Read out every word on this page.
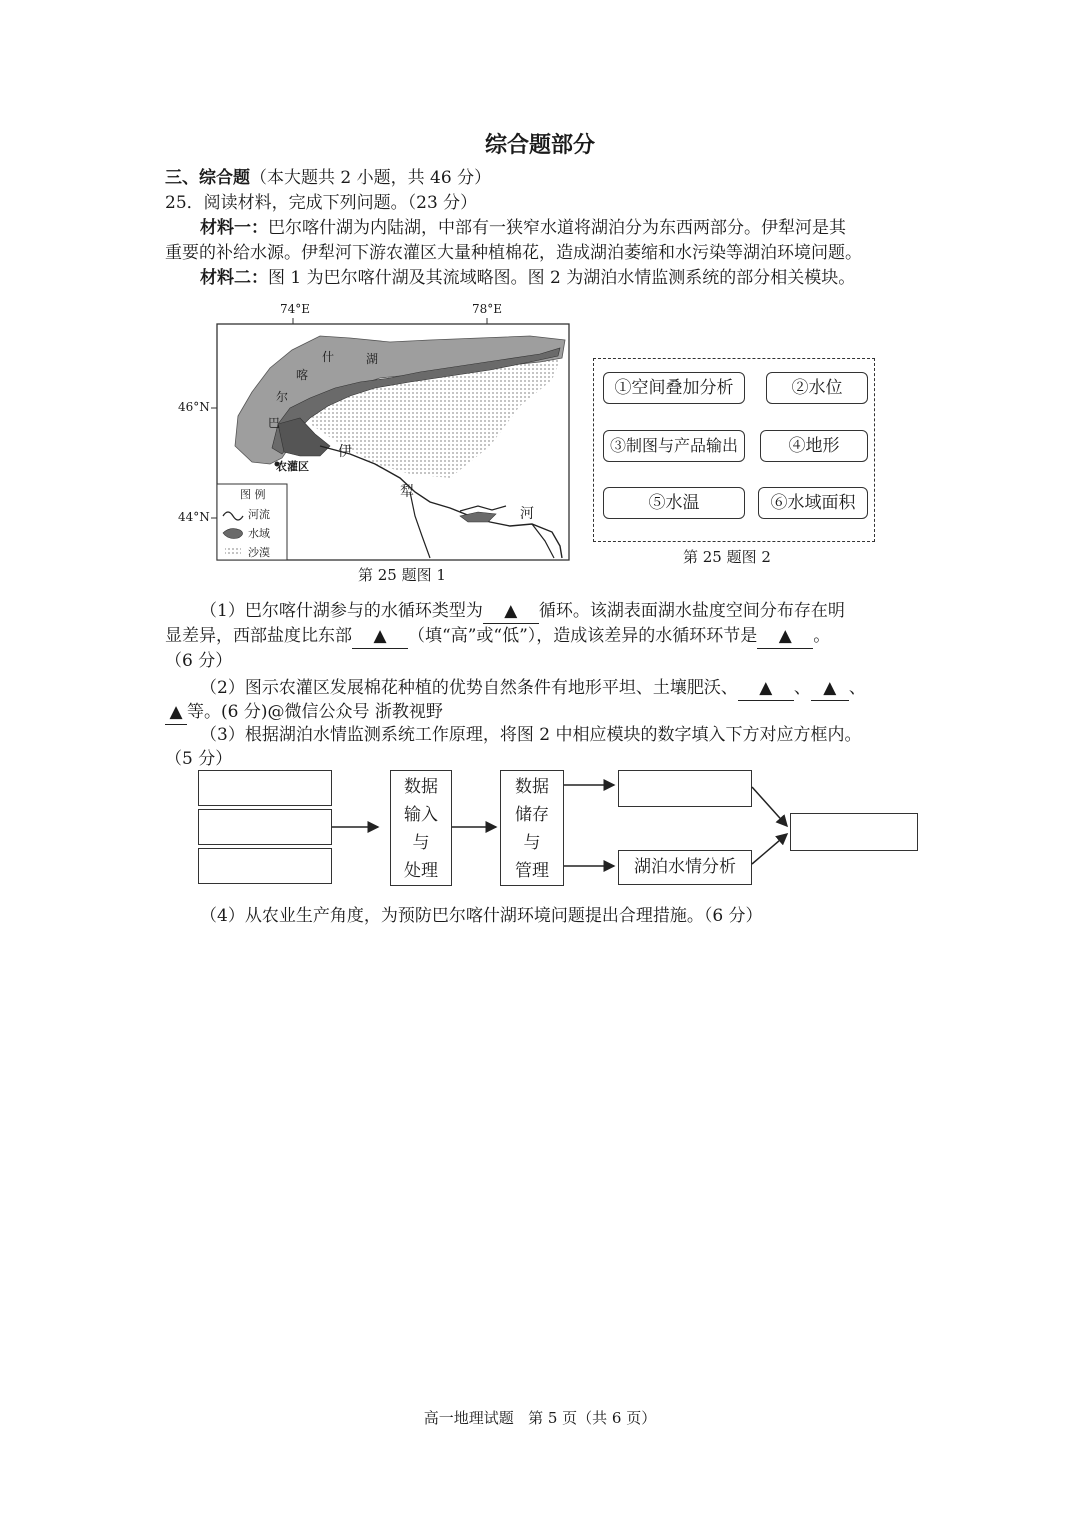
综合题部分
三、综合题（本大题共 2 小题，共 46 分）
25．阅读材料，完成下列问题。（23 分）
材料一：巴尔喀什湖为内陆湖，中部有一狭窄水道将湖泊分为东西两部分。伊犁河是其
重要的补给水源。伊犁河下游农灌区大量种植棉花，造成湖泊萎缩和水污染等湖泊环境问题。
材料二：图 1 为巴尔喀什湖及其流域略图。图 2 为湖泊水情监测系统的部分相关模块。
74°E	78°E
46°N
44°N
巴
尔
喀
什	湖
伊
犁
河
农灌区
图 例
河流
水域
沙漠
第 25 题图 1
①空间叠加分析	②水位
③制图与产品输出	④地形
⑤水温	⑥水域面积
第 25 题图 2
（1）巴尔喀什湖参与的水循环类型为 ▲ 循环。该湖表面湖水盐度空间分布存在明
显差异，西部盐度比东部 ▲ （填“高”或“低”），造成该差异的水循环环节是 ▲ 。
（6 分）
（2）图示农灌区发展棉花种植的优势自然条件有地形平坦、土壤肥沃、 ▲ 、 ▲ 、
▲ 等。(6 分)@微信公众号 浙教视野
（3）根据湖泊水情监测系统工作原理，将图 2 中相应模块的数字填入下方对应方框内。
（5 分）
数据
输入
与
处理
数据
储存
与
管理	湖泊水情分析
（4）从农业生产角度，为预防巴尔喀什湖环境问题提出合理措施。（6 分）
高一地理试题   第 5 页（共 6 页）
